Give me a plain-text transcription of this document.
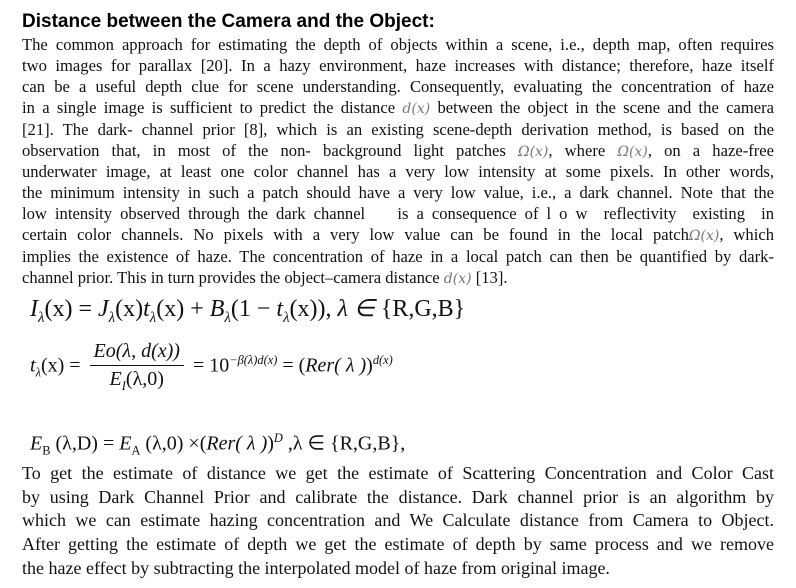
Distance between the Camera and the Object:
The common approach for estimating the depth of objects within a scene, i.e., depth map, often requires
two images for parallax [20]. In a hazy environment, haze increases with distance; therefore, haze itself
can be a useful depth clue for scene understanding. Consequently, evaluating the concentration of haze
in a single image is sufficient to predict the distance d(x) between the object in the scene and the camera
[21]. The dark- channel prior [8], which is an existing scene-depth derivation method, is based on the
observation that, in most of the non- background light patches Ω(x), where Ω(x), on a haze-free
underwater image, at least one color channel has a very low intensity at some pixels. In other words,
the minimum intensity in such a patch should have a very low value, i.e., a dark channel. Note that the
low intensity observed through the dark channel    is a consequence of l o w  reflectivity  existing  in
certain color channels. No pixels with a very low value can be found in the local patchΩ(x), which
implies the existence of haze. The concentration of haze in a local patch can then be quantified by dark-
channel prior. This in turn provides the object–camera distance d(x) [13].
$I_\lambda(x) = J_\lambda(x)t_\lambda(x) + B_\lambda(1 - t_\lambda(x))$, λ ∈ {R,G,B}
$t_\lambda(x) = \frac{Eo(\lambda, d(x))}{E_I(\lambda,0)} = 10^{-\beta(\lambda)d(x)} = (Rer$( λ ))$^{d(x)}$
$E_B$ $(\lambda,D) = E_A$ (λ,0) ×(Rer( λ ))$^D$ ,λ ∈ {R,G,B},
To get the estimate of distance we get the estimate of Scattering Concentration and Color Cast
by using Dark Channel Prior and calibrate the distance. Dark channel prior is an algorithm by
which we can estimate hazing concentration and We Calculate distance from Camera to Object.
After getting the estimate of depth we get the estimate of depth by same process and we remove
the haze effect by subtracting the interpolated model of haze from original image.
